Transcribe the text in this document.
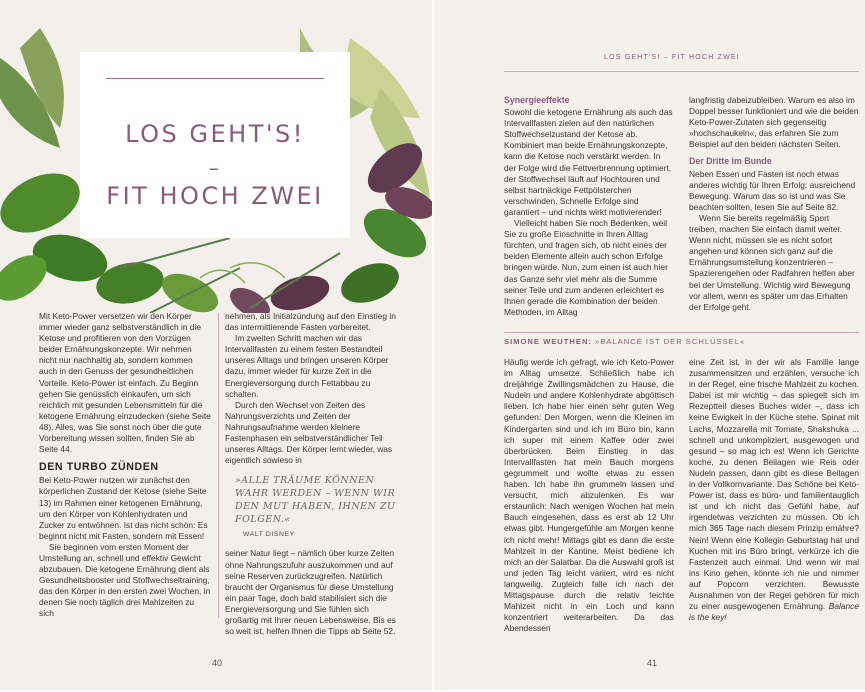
LOS GEHT'S!
–
FIT HOCH ZWEI

Mit Keto-Power versetzen wir den Körper immer wieder ganz selbstverständlich in die Ketose und profitieren von den Vorzügen beider Ernährungskonzepte. Wir nehmen nicht nur nachhaltig ab, sondern kommen auch in den Genuss der gesundheitlichen Vorteile. Keto-Power ist einfach. Zu Beginn gehen Sie genüsslich einkaufen, um sich reichlich mit gesunden Lebensmitteln für die ketogene Ernährung einzudecken (siehe Seite 48). Alles, was Sie sonst noch über die gute Vorbereitung wissen sollten, finden Sie ab Seite 44.

DEN TURBO ZÜNDEN

Bei Keto-Power nutzen wir zunächst den körperlichen Zustand der Ketose (siehe Seite 13) im Rahmen einer ketogenen Ernährung, um den Körper von Kohlenhydraten und Zucker zu entwöhnen. Ist das nicht schön: Es beginnt nicht mit Fasten, sondern mit Essen!

Sie beginnen vom ersten Moment der Umstellung an, schnell und effektiv Gewicht abzubauen. Die ketogene Ernährung dient als Gesundheitsbooster und Stoffwechseltraining, das den Körper in den ersten zwei Wochen, in denen Sie noch täglich drei Mahlzeiten zu sich

nehmen, als Initialzündung auf den Einstieg in das intermittierende Fasten vorbereitet.

Im zweiten Schritt machen wir das Intervallfasten zu einem festen Bestandteil unseres Alltags und bringen unseren Körper dazu, immer wieder für kurze Zeit in die Energieversorgung durch Fettabbau zu schalten.

Durch den Wechsel von Zeiten des Nahrungsverzichts und Zeiten der Nahrungsaufnahme werden kleinere Fastenphasen ein selbstverständlicher Teil unseres Alltags. Der Körper lernt wieder, was eigentlich sowieso in

»ALLE TRÄUME KÖNNEN WAHR WERDEN – WENN WIR DEN MUT HABEN, IHNEN ZU FOLGEN.«
WALT DISNEY

seiner Natur liegt – nämlich über kurze Zeiten ohne Nahrungszufuhr auszukommen und auf seine Reserven zurückzugreifen. Natürlich braucht der Organismus für diese Umstellung ein paar Tage, doch bald stabilisiert sich die Energieversorgung und Sie fühlen sich großartig mit Ihrer neuen Lebensweise. Bis es so weit ist, helfen Ihnen die Tipps ab Seite 52.

40
LOS GEHT'S! – FIT HOCH ZWEI
Synergieeffekte

Sowohl die ketogene Ernährung als auch das Intervallfasten zielen auf den natürlichen Stoffwechselzustand der Ketose ab. Kombiniert man beide Ernährungskonzepte, kann die Ketose noch verstärkt werden. In der Folge wird die Fettverbrennung optimiert, der Stoffwechsel läuft auf Hochtouren und selbst hartnäckige Fettpölsterchen verschwinden. Schnelle Erfolge sind garantiert – und nichts wirkt motivierender!

Vielleicht haben Sie noch Bedenken, weil Sie zu große Einschnitte in Ihren Alltag fürchten, und fragen sich, ob nicht eines der beiden Elemente allein auch schon Erfolge bringen würde. Nun, zum einen ist auch hier das Ganze sehr viel mehr als die Summe seiner Teile und zum anderen erleichtert es Ihnen gerade die Kombination der beiden Methoden, im Alltag

langfristig dabeizubleiben. Warum es also im Doppel besser funktioniert und wie die beiden Keto-Power-Zutaten sich gegenseitig »hochschaukeln«, das erfahren Sie zum Beispiel auf den beiden nächsten Seiten.

Der Dritte im Bunde

Neben Essen und Fasten ist noch etwas anderes wichtig für Ihren Erfolg: ausreichend Bewegung. Warum das so ist und was Sie beachten sollten, lesen Sie auf Seite 82.

Wenn Sie bereits regelmäßig Sport treiben, machen Sie einfach damit weiter. Wenn nicht, müssen sie es nicht sofort angehen und können sich ganz auf die Ernährungsumstellung konzentrieren – Spazierengehen oder Radfahren helfen aber bei der Umstellung. Wichtig wird Bewegung vor allem, wenn es später um das Erhalten der Erfolge geht.

SIMONE WEUTHEN: »BALANCE IST DER SCHLÜSSEL«

Häufig werde ich gefragt, wie ich Keto-Power im Alltag umsetze. Schließlich habe ich dreijährige Zwillingsmädchen zu Hause, die Nudeln und andere Kohlenhydrate abgöttisch lieben. Ich habe hier einen sehr guten Weg gefunden: Den Morgen, wenn die Kleinen im Kindergarten sind und ich im Büro bin, kann ich super mit einem Kaffee oder zwei überbrücken. Beim Einstieg in das Intervallfasten hat mein Bauch morgens gegrummelt und wollte etwas zu essen haben. Ich habe ihn grummeln lassen und versucht, mich abzulenken. Es war erstaunlich: Nach wenigen Wochen hat mein Bauch eingesehen, dass es erst ab 12 Uhr etwas gibt. Hungergefühle am Morgen kenne ich nicht mehr! Mittags gibt es dann die erste Mahlzeit in der Kantine. Meist bediene ich mich an der Salatbar. Da die Auswahl groß ist und jeden Tag leicht variiert, wird es nicht langweilig. Zugleich falle ich nach der Mittagspause durch die relativ leichte Mahlzeit nicht in ein Loch und kann konzentriert weiterarbeiten. Da das Abendessen

eine Zeit ist, in der wir als Familie lange zusammensitzen und erzählen, versuche ich in der Regel, eine frische Mahlzeit zu kochen. Dabei ist mir wichtig – das spiegelt sich im Rezeptteil dieses Buches wider –, dass ich keine Ewigkeit in der Küche stehe. Spinat mit Lachs, Mozzarella mit Tomate, Shakshuka ... schnell und unkompliziert, ausgewogen und gesund – so mag ich es! Wenn ich Gerichte koche, zu denen Beilagen wie Reis oder Nudeln passen, dann gibt es diese Beilagen in der Vollkornvariante. Das Schöne bei Keto-Power ist, dass es büro- und familientauglich ist und ich nicht das Gefühl habe, auf irgendetwas verzichten zu müssen. Ob ich mich 365 Tage nach diesem Prinzip ernähre? Nein! Wenn eine Kollegin Geburtstag hat und Kuchen mit ins Büro bringt, verkürze ich die Fastenzeit auch einmal. Und wenn wir mal ins Kino gehen, könnte ich nie und nimmer auf Popcorn verzichten. Bewusste Ausnahmen von der Regel gehören für mich zu einer ausgewogenen Ernährung. Balance is the key!

41
